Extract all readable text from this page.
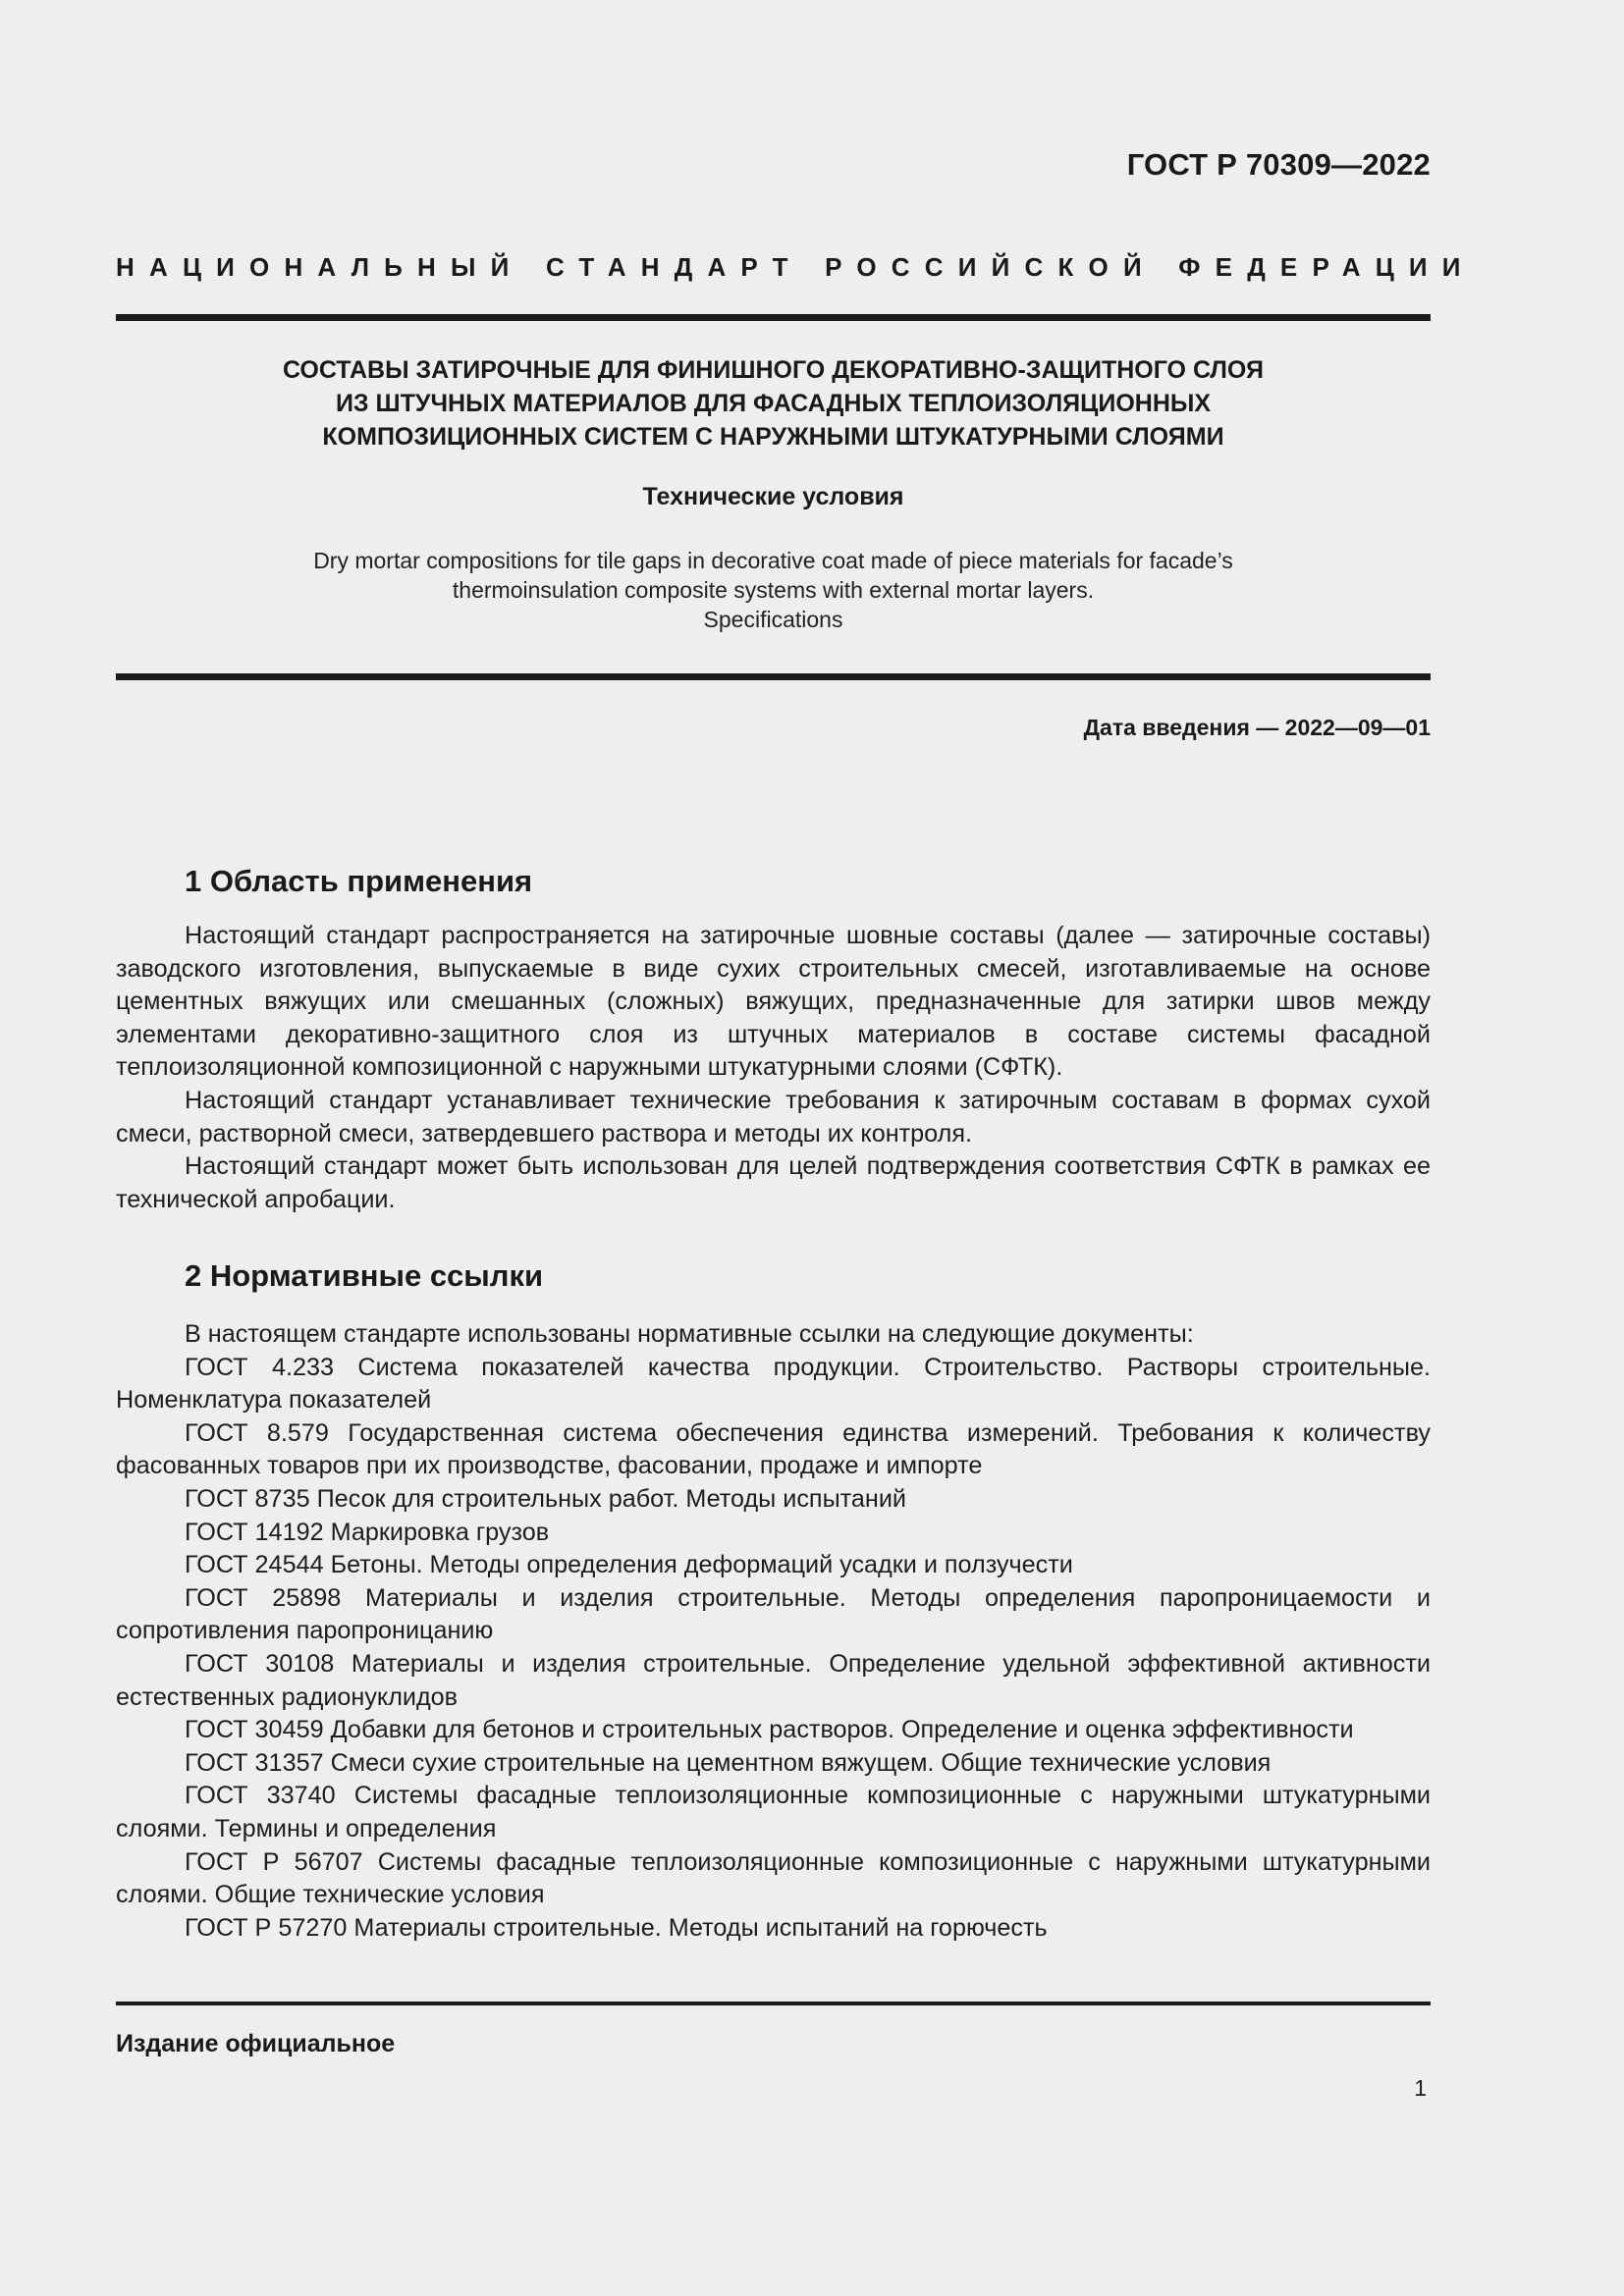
ГОСТ Р 70309—2022
НАЦИОНАЛЬНЫЙ СТАНДАРТ РОССИЙСКОЙ ФЕДЕРАЦИИ
СОСТАВЫ ЗАТИРОЧНЫЕ ДЛЯ ФИНИШНОГО ДЕКОРАТИВНО-ЗАЩИТНОГО СЛОЯ
ИЗ ШТУЧНЫХ МАТЕРИАЛОВ ДЛЯ ФАСАДНЫХ ТЕПЛОИЗОЛЯЦИОННЫХ
КОМПОЗИЦИОННЫХ СИСТЕМ С НАРУЖНЫМИ ШТУКАТУРНЫМИ СЛОЯМИ
Технические условия
Dry mortar compositions for tile gaps in decorative coat made of piece materials for facade’s
thermoinsulation composite systems with external mortar layers.
Specifications
Дата введения — 2022—09—01
1 Область применения
Настоящий стандарт распространяется на затирочные шовные составы (далее — затирочные составы) заводского изготовления, выпускаемые в виде сухих строительных смесей, изготавливаемые на основе цементных вяжущих или смешанных (сложных) вяжущих, предназначенные для затирки швов между элементами декоративно-защитного слоя из штучных материалов в составе системы фасадной теплоизоляционной композиционной с наружными штукатурными слоями (СФТК).
Настоящий стандарт устанавливает технические требования к затирочным составам в формах сухой смеси, растворной смеси, затвердевшего раствора и методы их контроля.
Настоящий стандарт может быть использован для целей подтверждения соответствия СФТК в рамках ее технической апробации.
2 Нормативные ссылки
В настоящем стандарте использованы нормативные ссылки на следующие документы:
ГОСТ 4.233 Система показателей качества продукции. Строительство. Растворы строительные. Номенклатура показателей
ГОСТ 8.579 Государственная система обеспечения единства измерений. Требования к количеству фасованных товаров при их производстве, фасовании, продаже и импорте
ГОСТ 8735 Песок для строительных работ. Методы испытаний
ГОСТ 14192 Маркировка грузов
ГОСТ 24544 Бетоны. Методы определения деформаций усадки и ползучести
ГОСТ 25898 Материалы и изделия строительные. Методы определения паропроницаемости и сопротивления паропроницанию
ГОСТ 30108 Материалы и изделия строительные. Определение удельной эффективной активности естественных радионуклидов
ГОСТ 30459 Добавки для бетонов и строительных растворов. Определение и оценка эффективности
ГОСТ 31357 Смеси сухие строительные на цементном вяжущем. Общие технические условия
ГОСТ 33740 Системы фасадные теплоизоляционные композиционные с наружными штукатурными слоями. Термины и определения
ГОСТ Р 56707 Системы фасадные теплоизоляционные композиционные с наружными штукатурными слоями. Общие технические условия
ГОСТ Р 57270 Материалы строительные. Методы испытаний на горючесть
Издание официальное
1
